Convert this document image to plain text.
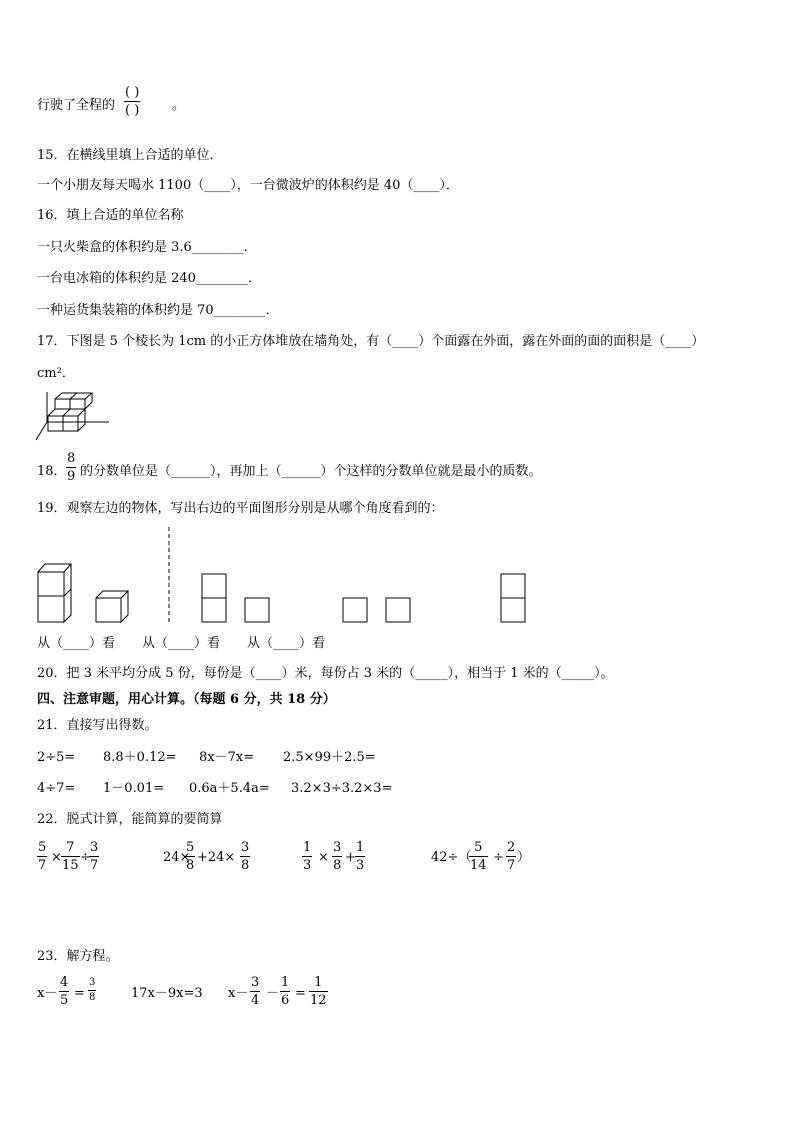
行驶了全程的
( )
( )	。
15．在横线里填上合适的单位．
一个小朋友每天喝水 1100（____），一台微波炉的体积约是 40（____）．
16．填上合适的单位名称
一只火柴盒的体积约是 3.6________．
一台电冰箱的体积约是 240________．
一种运货集装箱的体积约是 70________．
17．下图是 5 个棱长为 1cm 的小正方体堆放在墙角处，有（____）个面露在外面，露在外面的面的面积是（____）
cm²．
18． $\frac{8}{9}$ 的分数单位是（______），再加上（______）个这样的分数单位就是最小的质数。
19．观察左边的物体，写出右边的平面图形分别是从哪个角度看到的：
从（____）看 从（____）看 从（____）看
20．把 3 米平均分成 5 份，每份是（____）米，每份占 3 米的（_____），相当于 1 米的（_____）。
四、注意审题，用心计算。（每题 6 分，共 18 分）
21．直接写出得数。
2÷5= 8.8＋0.12= 8x－7x= 2.5×99＋2.5=
4÷7= 1－0.01= 0.6a＋5.4a= 3.2×3÷3.2×3=
22．脱式计算，能简算的要简算
$\frac{5}{7} \times \frac{7}{15}$ ÷
$\frac{3}{7}$	24×
$\frac{5}{8} +24\times \frac{3}{8}$	$\frac{1}{3} \times \frac{3}{8} + \frac{1}{3}$	42÷（
$\frac{5}{14} \div \frac{2}{7}$ ）
23．解方程。
$x- \frac{4}{5} = \frac{3}{8}$	17x－9x=3 $x- \frac{3}{4} - \frac{1}{6} = \frac{1}{12}$
